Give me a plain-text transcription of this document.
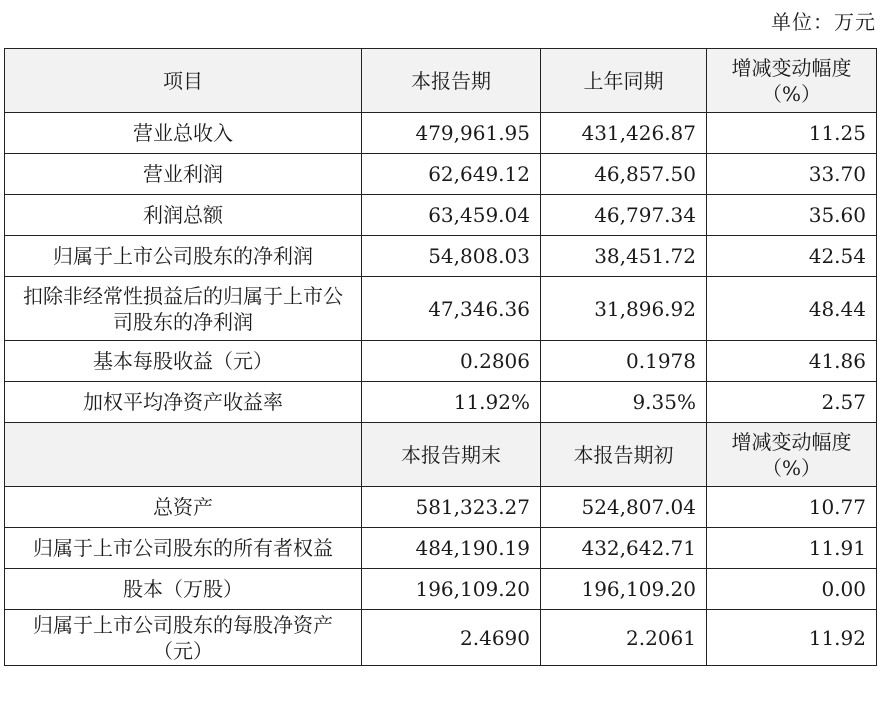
单位：万元
项目	本报告期	上年同期	增减变动幅度（%）
营业总收入	479,961.95	431,426.87	11.25
营业利润	62,649.12	46,857.50	33.70
利润总额	63,459.04	46,797.34	35.60
归属于上市公司股东的净利润	54,808.03	38,451.72	42.54
扣除非经常性损益后的归属于上市公司股东的净利润	47,346.36	31,896.92	48.44
基本每股收益（元）	0.2806	0.1978	41.86
加权平均净资产收益率	11.92%	9.35%	2.57
	本报告期末	本报告期初	增减变动幅度（%）
总资产	581,323.27	524,807.04	10.77
归属于上市公司股东的所有者权益	484,190.19	432,642.71	11.91
股本（万股）	196,109.20	196,109.20	0.00
归属于上市公司股东的每股净资产（元）	2.4690	2.2061	11.92
